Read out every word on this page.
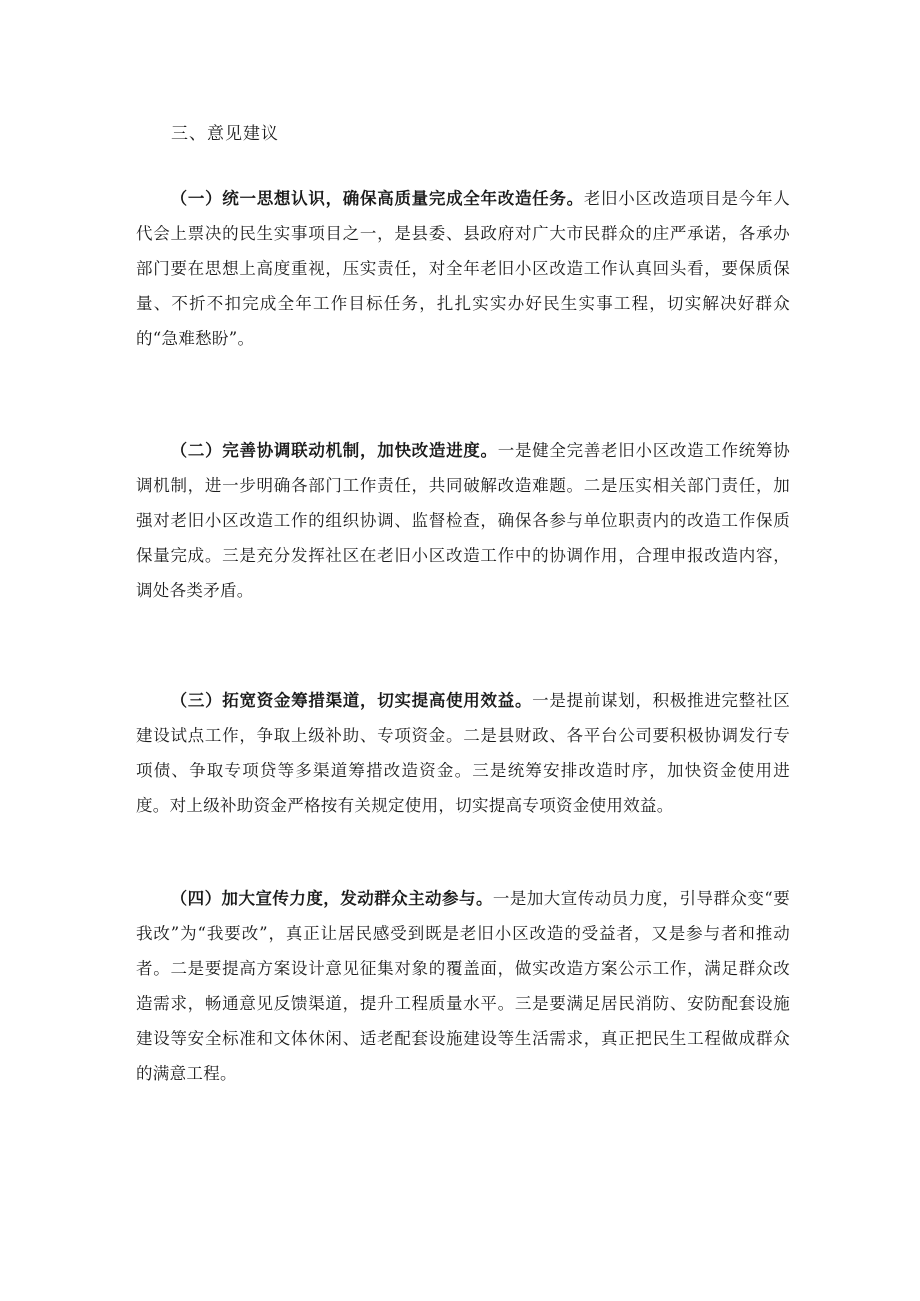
三、意见建议

（一）统一思想认识，确保高质量完成全年改造任务。老旧小区改造项目是今年人代会上票决的民生实事项目之一，是县委、县政府对广大市民群众的庄严承诺，各承办部门要在思想上高度重视，压实责任，对全年老旧小区改造工作认真回头看，要保质保量、不折不扣完成全年工作目标任务，扎扎实实办好民生实事工程，切实解决好群众的“急难愁盼”。

（二）完善协调联动机制，加快改造进度。一是健全完善老旧小区改造工作统筹协调机制，进一步明确各部门工作责任，共同破解改造难题。二是压实相关部门责任，加强对老旧小区改造工作的组织协调、监督检查，确保各参与单位职责内的改造工作保质保量完成。三是充分发挥社区在老旧小区改造工作中的协调作用，合理申报改造内容，调处各类矛盾。

（三）拓宽资金筹措渠道，切实提高使用效益。一是提前谋划，积极推进完整社区建设试点工作，争取上级补助、专项资金。二是县财政、各平台公司要积极协调发行专项债、争取专项贷等多渠道筹措改造资金。三是统筹安排改造时序，加快资金使用进度。对上级补助资金严格按有关规定使用，切实提高专项资金使用效益。

（四）加大宣传力度，发动群众主动参与。一是加大宣传动员力度，引导群众变“要我改”为“我要改”，真正让居民感受到既是老旧小区改造的受益者，又是参与者和推动者。二是要提高方案设计意见征集对象的覆盖面，做实改造方案公示工作，满足群众改造需求，畅通意见反馈渠道，提升工程质量水平。三是要满足居民消防、安防配套设施建设等安全标准和文体休闲、适老配套设施建设等生活需求，真正把民生工程做成群众的满意工程。
